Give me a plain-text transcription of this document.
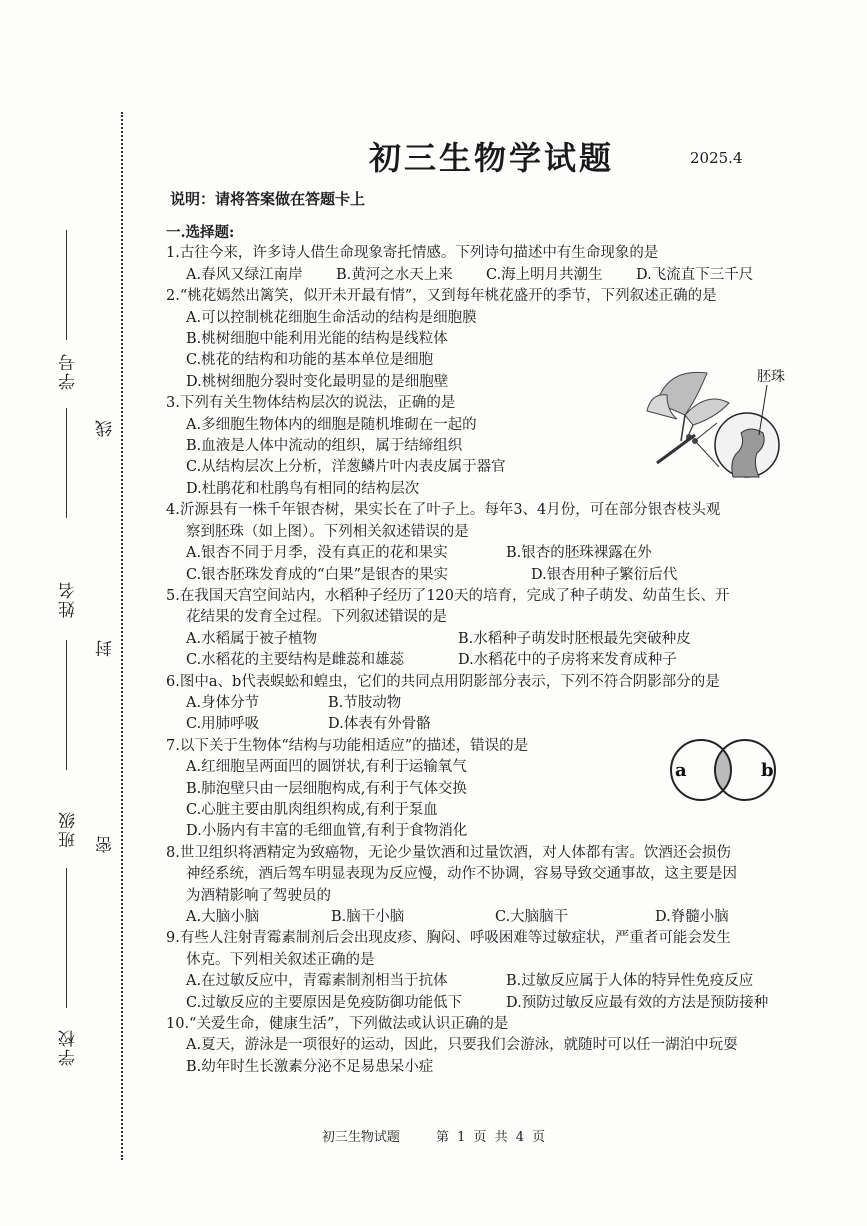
学号
姓名
班级
学校
线
封
密
初三生物学试题	2025.4
说明：请将答案做在答题卡上
一.选择题:
1.古往今来，许多诗人借生命现象寄托情感。下列诗句描述中有生命现象的是
A.春风又绿江南岸	B.黄河之水天上来	C.海上明月共潮生	D.飞流直下三千尺
2.“桃花嫣然出篱笑，似开未开最有情”，又到每年桃花盛开的季节，下列叙述正确的是
A.可以控制桃花细胞生命活动的结构是细胞膜
B.桃树细胞中能利用光能的结构是线粒体
C.桃花的结构和功能的基本单位是细胞
D.桃树细胞分裂时变化最明显的是细胞壁
3.下列有关生物体结构层次的说法，正确的是
A.多细胞生物体内的细胞是随机堆砌在一起的
B.血液是人体中流动的组织，属于结缔组织
C.从结构层次上分析，洋葱鳞片叶内表皮属于器官
D.杜鹃花和杜鹃鸟有相同的结构层次
4.沂源县有一株千年银杏树，果实长在了叶子上。每年3、4月份，可在部分银杏枝头观
察到胚珠（如上图）。下列相关叙述错误的是
A.银杏不同于月季，没有真正的花和果实	B.银杏的胚珠裸露在外
C.银杏胚珠发育成的“白果”是银杏的果实	D.银杏用种子繁衍后代
5.在我国天宫空间站内，水稻种子经历了120天的培育，完成了种子萌发、幼苗生长、开
花结果的发育全过程。下列叙述错误的是
A.水稻属于被子植物	B.水稻种子萌发时胚根最先突破种皮
C.水稻花的主要结构是雌蕊和雄蕊	D.水稻花中的子房将来发育成种子
6.图中a、b代表蜈蚣和蝗虫，它们的共同点用阴影部分表示，下列不符合阴影部分的是
A.身体分节	B.节肢动物
C.用肺呼吸	D.体表有外骨骼
7.以下关于生物体“结构与功能相适应”的描述，错误的是
A.红细胞呈两面凹的圆饼状,有利于运输氧气
B.肺泡壁只由一层细胞构成,有利于气体交换
C.心脏主要由肌肉组织构成,有利于泵血
D.小肠内有丰富的毛细血管,有利于食物消化
8.世卫组织将酒精定为致癌物，无论少量饮酒和过量饮酒，对人体都有害。饮酒还会损伤
神经系统，酒后驾车明显表现为反应慢，动作不协调，容易导致交通事故，这主要是因
为酒精影响了驾驶员的
A.大脑小脑	B.脑干小脑	C.大脑脑干	D.脊髓小脑
9.有些人注射青霉素制剂后会出现皮疹、胸闷、呼吸困难等过敏症状，严重者可能会发生
休克。下列相关叙述正确的是
A.在过敏反应中，青霉素制剂相当于抗体	B.过敏反应属于人体的特异性免疫反应
C.过敏反应的主要原因是免疫防御功能低下	D.预防过敏反应最有效的方法是预防接种
10.“关爱生命，健康生活”，下列做法或认识正确的是
A.夏天，游泳是一项很好的运动，因此，只要我们会游泳，就随时可以任一湖泊中玩耍
B.幼年时生长激素分泌不足易患呆小症
胚珠
a	b
初三生物试题	第 1 页 共 4 页
